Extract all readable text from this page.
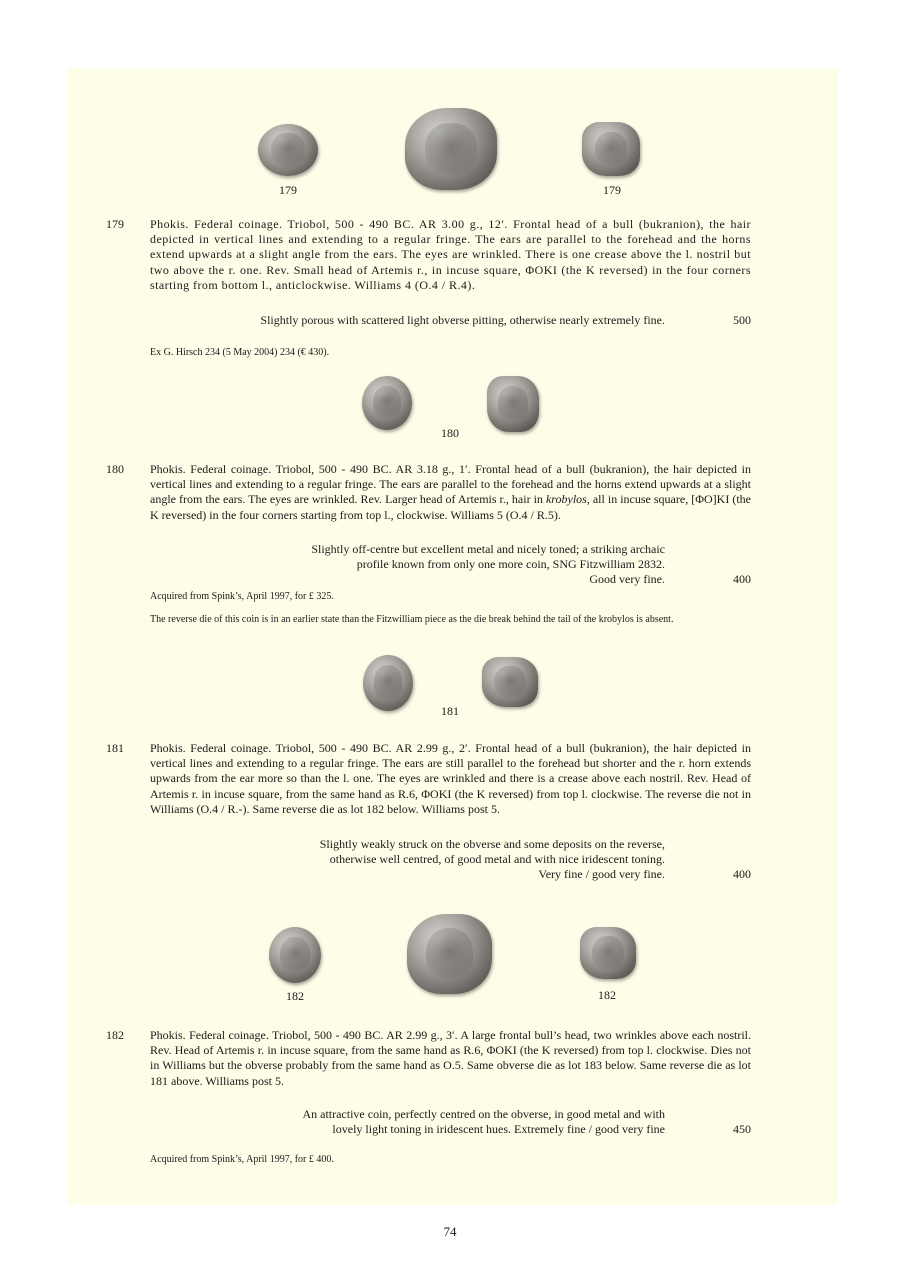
179	179
179 Phokis. Federal coinage. Triobol, 500 - 490 BC. AR 3.00 g., 12′. Frontal head of a bull (bukranion), the hair depicted in vertical lines and extending to a regular fringe. The ears are parallel to the forehead and the horns extend upwards at a slight angle from the ears. The eyes are wrinkled. There is one crease above the l. nostril but two above the r. one. Rev. Small head of Artemis r., in incuse square, ΦOKI (the K reversed) in the four corners starting from bottom l., anticlockwise. Williams 4 (O.4 / R.4).

Slightly porous with scattered light obverse pitting, otherwise nearly extremely fine.	500

Ex G. Hirsch 234 (5 May 2004) 234 (€ 430).

180
180 Phokis. Federal coinage. Triobol, 500 - 490 BC. AR 3.18 g., 1′. Frontal head of a bull (bukranion), the hair depicted in vertical lines and extending to a regular fringe. The ears are parallel to the forehead and the horns extend upwards at a slight angle from the ears. The eyes are wrinkled. Rev. Larger head of Artemis r., hair in krobylos, all in incuse square, [ΦO]KI (the K reversed) in the four corners starting from top l., clockwise. Williams 5 (O.4 / R.5).

Slightly off-centre but excellent metal and nicely toned; a striking archaic
profile known from only one more coin, SNG Fitzwilliam 2832.
Good very fine.	400

Acquired from Spink’s, April 1997, for £ 325.

The reverse die of this coin is in an earlier state than the Fitzwilliam piece as the die break behind the tail of the krobylos is absent.

181
181 Phokis. Federal coinage. Triobol, 500 - 490 BC. AR 2.99 g., 2′. Frontal head of a bull (bukranion), the hair depicted in vertical lines and extending to a regular fringe. The ears are still parallel to the forehead but shorter and the r. horn extends upwards from the ear more so than the l. one. The eyes are wrinkled and there is a crease above each nostril. Rev. Head of Artemis r. in incuse square, from the same hand as R.6, ΦOKI (the K reversed) from top l. clockwise. The reverse die not in Williams (O.4 / R.-). Same reverse die as lot 182 below. Williams post 5.

Slightly weakly struck on the obverse and some deposits on the reverse,
otherwise well centred, of good metal and with nice iridescent toning.
Very fine / good very fine.	400
182	182
182 Phokis. Federal coinage. Triobol, 500 - 490 BC. AR 2.99 g., 3′. A large frontal bull’s head, two wrinkles above each nostril. Rev. Head of Artemis r. in incuse square, from the same hand as R.6, ΦOKI (the K reversed) from top l. clockwise. Dies not in Williams but the obverse probably from the same hand as O.5. Same obverse die as lot 183 below. Same reverse die as lot 181 above. Williams post 5.

An attractive coin, perfectly centred on the obverse, in good metal and with
lovely light toning in iridescent hues. Extremely fine / good very fine	450

Acquired from Spink’s, April 1997, for £ 400.

74
